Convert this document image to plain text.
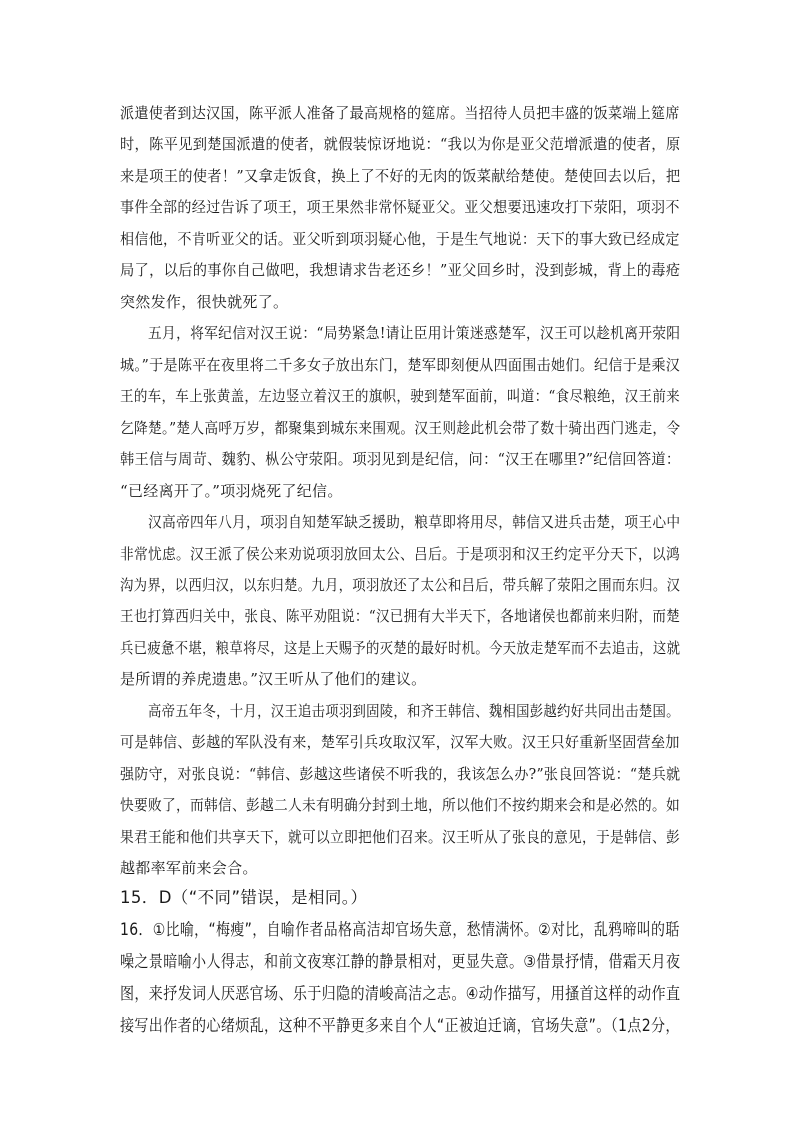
派遣使者到达汉国，陈平派人准备了最高规格的筵席。当招待人员把丰盛的饭菜端上筵席
时，陈平见到楚国派遣的使者，就假装惊讶地说：“我以为你是亚父范增派遣的使者，原
来是项王的使者！”又拿走饭食，换上了不好的无肉的饭菜献给楚使。楚使回去以后，把
事件全部的经过告诉了项王，项王果然非常怀疑亚父。亚父想要迅速攻打下荥阳，项羽不
相信他，不肯听亚父的话。亚父听到项羽疑心他，于是生气地说：天下的事大致已经成定
局了，以后的事你自己做吧，我想请求告老还乡！”亚父回乡时，没到彭城，背上的毒疮
突然发作，很快就死了。
五月，将军纪信对汉王说：“局势紧急!请让臣用计策迷惑楚军，汉王可以趁机离开荥阳
城。”于是陈平在夜里将二千多女子放出东门，楚军即刻便从四面围击她们。纪信于是乘汉
王的车，车上张黄盖，左边竖立着汉王的旗帜，驶到楚军面前，叫道：“食尽粮绝，汉王前来
乞降楚。”楚人高呼万岁，都聚集到城东来围观。汉王则趁此机会带了数十骑出西门逃走，令
韩王信与周苛、魏豹、枞公守荥阳。项羽见到是纪信，问：“汉王在哪里?”纪信回答道：
“已经离开了。”项羽烧死了纪信。
汉高帝四年八月，项羽自知楚军缺乏援助，粮草即将用尽，韩信又进兵击楚，项王心中
非常忧虑。汉王派了侯公来劝说项羽放回太公、吕后。于是项羽和汉王约定平分天下，以鸿
沟为界，以西归汉，以东归楚。九月，项羽放还了太公和吕后，带兵解了荥阳之围而东归。汉
王也打算西归关中，张良、陈平劝阻说：“汉已拥有大半天下，各地诸侯也都前来归附，而楚
兵已疲惫不堪，粮草将尽，这是上天赐予的灭楚的最好时机。今天放走楚军而不去追击，这就
是所谓的养虎遗患。”汉王听从了他们的建议。
高帝五年冬，十月，汉王追击项羽到固陵，和齐王韩信、魏相国彭越约好共同出击楚国。
可是韩信、彭越的军队没有来，楚军引兵攻取汉军，汉军大败。汉王只好重新坚固营垒加
强防守，对张良说：“韩信、彭越这些诸侯不听我的，我该怎么办?”张良回答说：“楚兵就
快要败了，而韩信、彭越二人未有明确分封到土地，所以他们不按约期来会和是必然的。如
果君王能和他们共享天下，就可以立即把他们召来。汉王听从了张良的意见，于是韩信、彭
越都率军前来会合。
15．D（“不同”错误，是相同。）
16．①比喻，“梅瘦”，自喻作者品格高洁却官场失意，愁情满怀。②对比，乱鸦啼叫的聒
噪之景暗喻小人得志，和前文夜寒江静的静景相对，更显失意。③借景抒情，借霜天月夜
图，来抒发词人厌恶官场、乐于归隐的清峻高洁之志。④动作描写，用搔首这样的动作直
接写出作者的心绪烦乱，这种不平静更多来自个人“正被迫迁谪，官场失意”。（1点2分，
